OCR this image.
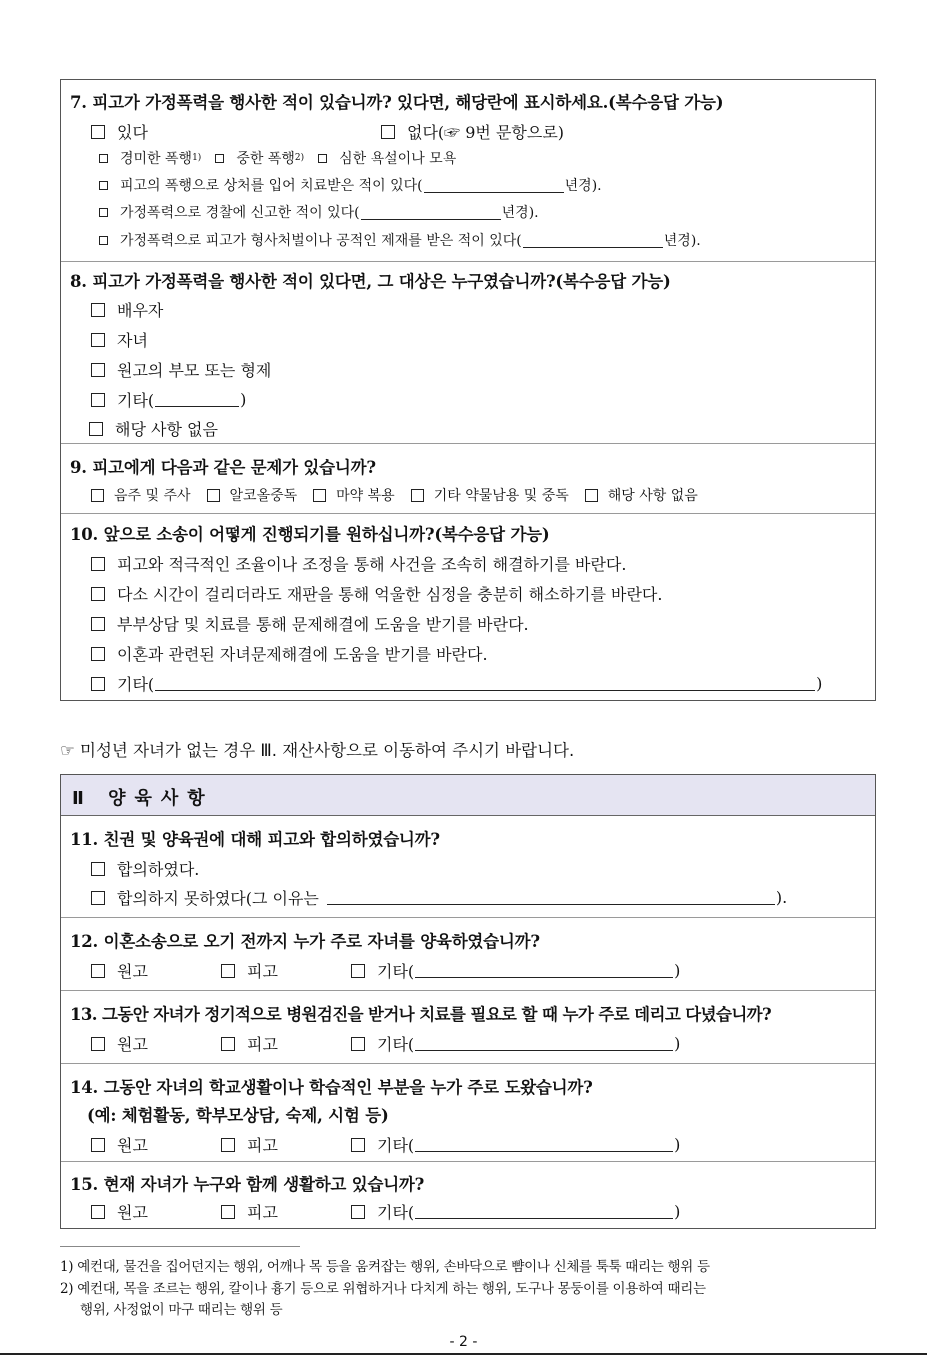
7. 피고가 가정폭력을 행사한 적이 있습니까? 있다면, 해당란에 표시하세요.(복수응답 가능)
있다	없다(☞ 9번 문항으로)
경미한 폭행 1)	중한 폭행 2)	심한 욕설이나 모욕
피고의 폭행으로 상처를 입어 치료받은 적이 있다(	년경).
가정폭력으로 경찰에 신고한 적이 있다(	년경).
가정폭력으로 피고가 형사처벌이나 공적인 제재를 받은 적이 있다(	년경).
8. 피고가 가정폭력을 행사한 적이 있다면, 그 대상은 누구였습니까?(복수응답 가능)
배우자
자녀
원고의 부모 또는 형제
기타(	)
해당 사항 없음
9. 피고에게 다음과 같은 문제가 있습니까?
음주 및 주사	알코올중독	마약 복용	기타 약물남용 및 중독	해당 사항 없음
10. 앞으로 소송이 어떻게 진행되기를 원하십니까?(복수응답 가능)
피고와 적극적인 조율이나 조정을 통해 사건을 조속히 해결하기를 바란다.
다소 시간이 걸리더라도 재판을 통해 억울한 심정을 충분히 해소하기를 바란다.
부부상담 및 치료를 통해 문제해결에 도움을 받기를 바란다.
이혼과 관련된 자녀문제해결에 도움을 받기를 바란다.
기타(	)
☞ 미성년 자녀가 없는 경우 Ⅲ. 재산사항으로 이동하여 주시기 바랍니다.
Ⅱ 양육사항
11. 친권 및 양육권에 대해 피고와 합의하였습니까?
합의하였다.
합의하지 못하였다(그 이유는	).
12. 이혼소송으로 오기 전까지 누가 주로 자녀를 양육하였습니까?
원고	피고	기타(	)
13. 그동안 자녀가 정기적으로 병원검진을 받거나 치료를 필요로 할 때 누가 주로 데리고 다녔습니까?
원고	피고	기타(	)
14. 그동안 자녀의 학교생활이나 학습적인 부분을 누가 주로 도왔습니까?
(예: 체험활동, 학부모상담, 숙제, 시험 등)
원고	피고	기타(	)
15. 현재 자녀가 누구와 함께 생활하고 있습니까?
원고	피고	기타(	)
1) 예컨대, 물건을 집어던지는 행위, 어깨나 목 등을 움켜잡는 행위, 손바닥으로 뺨이나 신체를 툭툭 때리는 행위 등
2) 예컨대, 목을 조르는 행위, 칼이나 흉기 등으로 위협하거나 다치게 하는 행위, 도구나 몽둥이를 이용하여 때리는
행위, 사정없이 마구 때리는 행위 등
- 2 -
